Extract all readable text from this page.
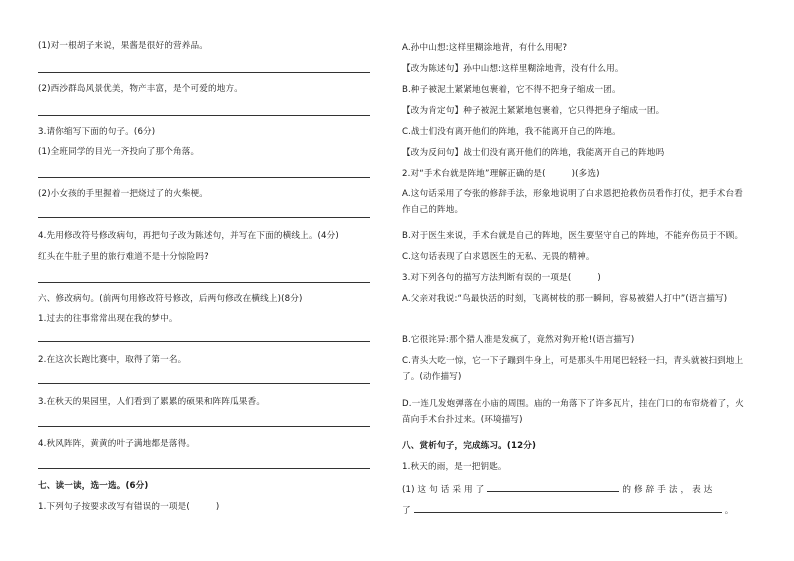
(1)对一根胡子来说，果酱是很好的营养品。
(2)西沙群岛风景优美，物产丰富，是个可爱的地方。
3.请你缩写下面的句子。(6分)
(1)全班同学的目光一齐投向了那个角落。
(2)小女孩的手里握着一把烧过了的火柴梗。
4.先用修改符号修改病句，再把句子改为陈述句，并写在下面的横线上。(4分)
红头在牛肚子里的旅行难道不是十分惊险吗?
六、修改病句。(前两句用修改符号修改，后两句修改在横线上)(8分)
1.过去的往事常常出现在我的梦中。
2.在这次长跑比赛中，取得了第一名。
3.在秋天的果园里，人们看到了累累的硕果和阵阵瓜果香。
4.秋风阵阵，黄黄的叶子满地都是落得。
七、读一读，选一选。(6分)
1.下列句子按要求改写有错误的一项是(	)
A.孙中山想:这样里糊涂地背，有什么用呢?
【改为陈述句】孙中山想:这样里糊涂地背，没有什么用。
B.种子被泥土紧紧地包裹着，它不得不把身子缩成一团。
【改为肯定句】种子被泥土紧紧地包裹着，它只得把身子缩成一团。
C.战士们没有离开他们的阵地，我不能离开自己的阵地。
【改为反问句】战士们没有离开他们的阵地，我能离开自己的阵地吗
2.对“手术台就是阵地”理解正确的是(	)(多选)
A.这句话采用了夸张的修辞手法，形象地说明了白求恩把抢救伤员看作打仗，把手术台看作自己的阵地。
B.对于医生来说，手术台就是自己的阵地，医生要坚守自己的阵地，不能弃伤员于不顾。
C.这句话表现了白求恩医生的无私、无畏的精神。
3.对下列各句的描写方法判断有误的一项是(	)
A.父亲对我说:“鸟最快活的时刻，飞离树枝的那一瞬间，容易被猎人打中”(语言描写)
B.它很诧异:那个猎人准是发疯了，竟然对狗开枪!(语言描写)
C.青头大吃一惊，它一下子蹦到牛身上，可是那头牛用尾巴轻轻一扫，青头就被扫到地上了。(动作描写)
D.一连几发炮弹落在小庙的周围。庙的一角落下了许多瓦片，挂在门口的布帘烧着了，火苗向手术台扑过来。(环境描写)
八、赏析句子，完成练习。(12分)
1.秋天的雨，是一把钥匙。
(1) 这 句 话 采 用 了	的 修 辞 手 法 ， 表 达
了	。
